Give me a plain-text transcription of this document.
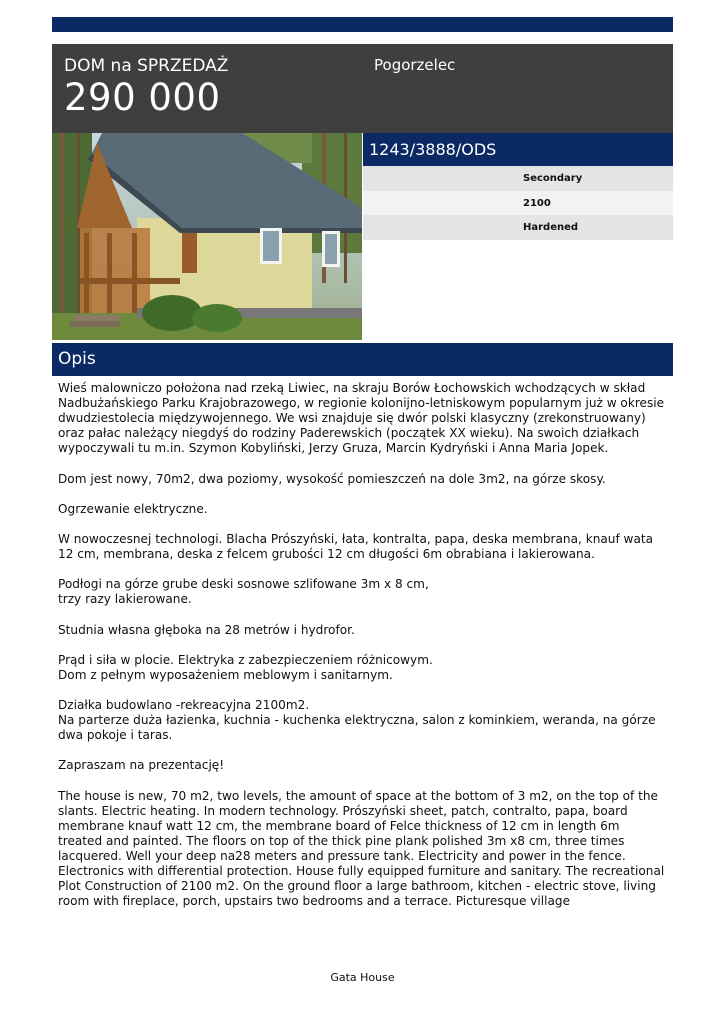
DOM na SPRZEDAŻ
290 000
Pogorzelec
1243/3888/ODS
Secondary
2100
Hardened
Opis

Wieś malowniczo położona nad rzeką Liwiec, na skraju Borów Łochowskich wchodzących w skład Nadbużańskiego Parku Krajobrazowego, w regionie kolonijno-letniskowym popularnym już w okresie dwudziestolecia międzywojennego. We wsi znajduje się dwór polski klasyczny (zrekonstruowany) oraz pałac należący niegdyś do rodziny Paderewskich (początek XX wieku). Na swoich działkach wypoczywali tu m.in. Szymon Kobyliński, Jerzy Gruza, Marcin Kydryński i Anna Maria Jopek.

Dom jest nowy, 70m2, dwa poziomy, wysokość pomieszczeń na dole 3m2, na górze skosy.

Ogrzewanie elektryczne.

W nowoczesnej technologi. Blacha Prószyński, łata, kontralta, papa, deska membrana, knauf wata 12 cm, membrana, deska z felcem grubości 12 cm długości 6m obrabiana i lakierowana.

Podłogi na górze grube deski sosnowe szlifowane 3m x 8 cm,
trzy razy lakierowane.

Studnia własna głęboka na 28 metrów i hydrofor.

Prąd i siła w plocie. Elektryka z zabezpieczeniem różnicowym.
Dom z pełnym wyposażeniem meblowym i sanitarnym.

Działka budowlano -rekreacyjna 2100m2.
Na parterze duża łazienka, kuchnia - kuchenka elektryczna, salon z kominkiem, weranda, na górze dwa pokoje i taras.

Zapraszam na prezentację!

The house is new, 70 m2, two levels, the amount of space at the bottom of 3 m2, on the top of the slants. Electric heating. In modern technology. Prószyński sheet, patch, contralto, papa, board membrane knauf watt 12 cm, the membrane board of Felce thickness of 12 cm in length 6m treated and painted. The floors on top of the thick pine plank polished 3m x8 cm, three times lacquered. Well your deep na28 meters and pressure tank. Electricity and power in the fence. Electronics with differential protection. House fully equipped furniture and sanitary. The recreational Plot Construction of 2100 m2. On the ground floor a large bathroom, kitchen - electric stove, living room with fireplace, porch, upstairs two bedrooms and a terrace. Picturesque village

Gata House
